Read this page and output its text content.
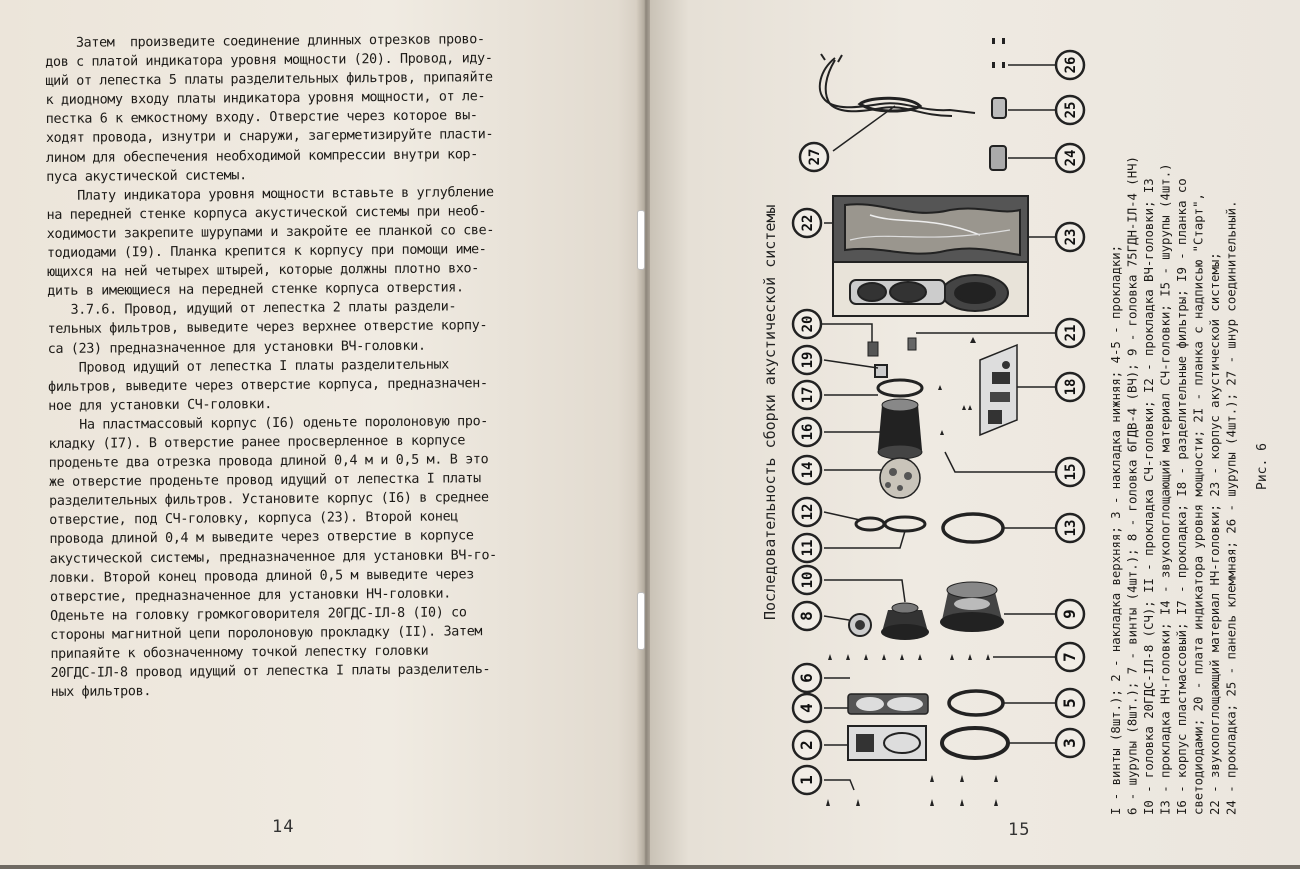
Затем  произведите соединение длинных отрезков прово-
дов с платой индикатора уровня мощности (20). Провод, иду-
щий от лепестка 5 платы разделительных фильтров, припаяйте
к диодному входу платы индикатора уровня мощности, от ле-
пестка 6 к емкостному входу. Отверстие через которое вы-
ходят провода, изнутри и снаружи, загерметизируйте пласти-
лином для обеспечения необходимой компрессии внутри кор-
пуса акустической системы.
Плату индикатора уровня мощности вставьте в углубление
на передней стенке корпуса акустической системы при необ-
ходимости закрепите шурупами и закройте ее планкой со све-
тодиодами (I9). Планка крепится к корпусу при помощи име-
ющихся на ней четырех штырей, которые должны плотно вхо-
дить в имеющиеся на передней стенке корпуса отверстия.
3.7.6. Провод, идущий от лепестка 2 платы раздели-
тельных фильтров, выведите через верхнее отверстие корпу-
са (23) предназначенное для установки ВЧ-головки.
Провод идущий от лепестка I платы разделительных
фильтров, выведите через отверстие корпуса, предназначен-
ное для установки СЧ-головки.
На пластмассовый корпус (I6) оденьте поролоновую про-
кладку (I7). В отверстие ранее просверленное в корпусе
проденьте два отрезка провода длиной 0,4 м и 0,5 м. В это
же отверстие проденьте провод идущий от лепестка I платы
разделительных фильтров. Установите корпус (I6) в среднее
отверстие, под СЧ-головку, корпуса (23). Второй конец
провода длиной 0,4 м выведите через отверстие в корпусе
акустической системы, предназначенное для установки ВЧ-го-
ловки. Второй конец провода длиной 0,5 м выведите через
отверстие, предназначенное для установки НЧ-головки.
Оденьте на головку громкоговорителя 20ГДС-IЛ-8 (I0) со
стороны магнитной цепи поролоновую прокладку (II). Затем
припаяйте к обозначенному точкой лепестку головки
20ГДС-IЛ-8 провод идущий от лепестка I платы разделитель-
ных фильтров.
14
Последовательность сборки акустической системы
1
2	3
4
5
6
7
8	9
10
11
12
13
14	15
16
17	18
19
20
21
22
23
24
25
26
27
I - винты (8шт.); 2 - накладка верхняя; 3 - накладка нижняя; 4-5 - прокладки; 6 - шурупы (8шт.); 7 - винты (4шт.); 8 - головка 6ГДВ-4 (ВЧ); 9 - головка 75ГДН-IЛ-4 (НЧ) I0 - головка 20ГДС-IЛ-8 (СЧ); II - прокладка СЧ-головки; I2 - прокладка ВЧ-головки; I3 I3 - прокладка НЧ-головки; I4 - звукопоглощающий материал СЧ-головки; I5 - шурупы (4шт.) I6 - корпус пластмассовый; I7 - прокладка; I8 - разделительные фильтры; I9 - планка со светодиодами; 20 - плата индикатора уровня мощности; 2I - планка с надписью "Старт", 22 - звукопоглощающий материал НЧ-головки; 23 - корпус акустической системы; 24 - прокладка; 25 - панель клеммная; 26 - шурупы (4шт.); 27 - шнур соединительный. Рис. 6
15
